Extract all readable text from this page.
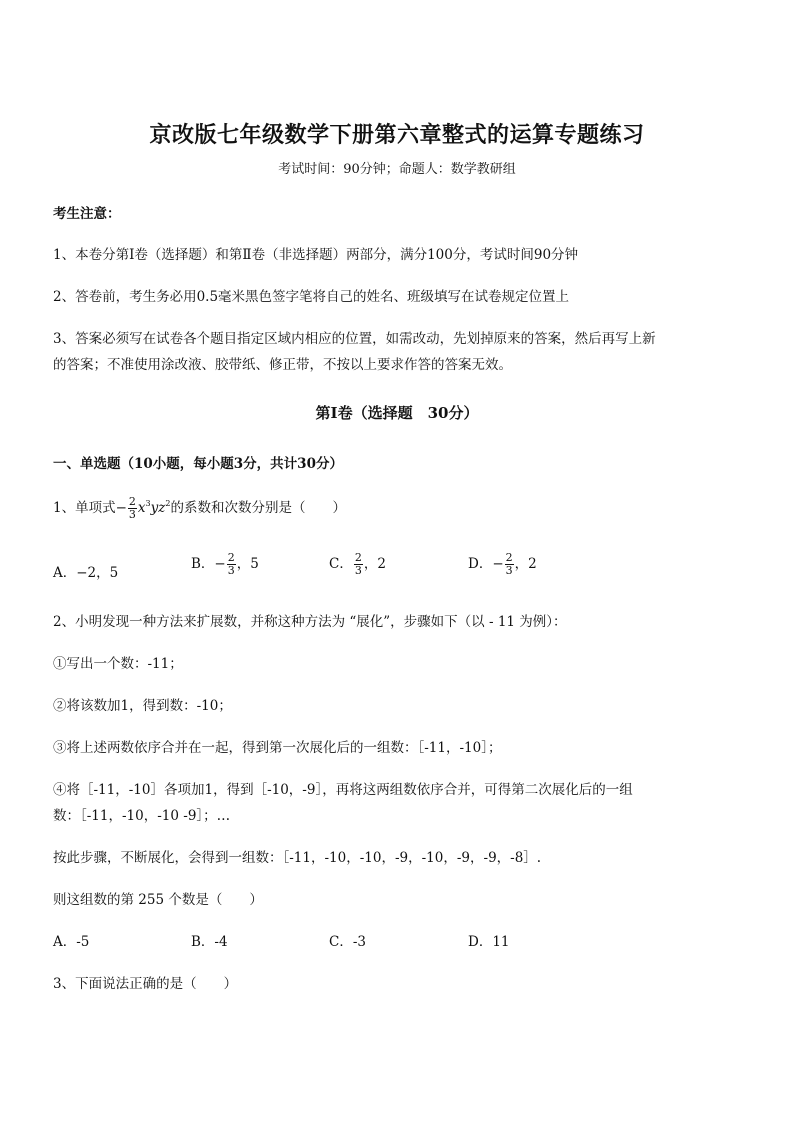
京改版七年级数学下册第六章整式的运算专题练习
考试时间：90分钟；命题人：数学教研组
考生注意：
1、本卷分第Ⅰ卷（选择题）和第Ⅱ卷（非选择题）两部分，满分100分，考试时间90分钟
2、答卷前，考生务必用0.5毫米黑色签字笔将自己的姓名、班级填写在试卷规定位置上
3、答案必须写在试卷各个题目指定区域内相应的位置，如需改动，先划掉原来的答案，然后再写上新
的答案；不准使用涂改液、胶带纸、修正带，不按以上要求作答的答案无效。
第Ⅰ卷（选择题　30分）
一、单选题（10小题，每小题3分，共计30分）
1、单项式− $\frac{2}{3} x^3yz^2$的系数和次数分别是（　　）
A．−2，5
B．− $\frac{2}{3}$ ，5	C． $\frac{2}{3}$ ，2	D．− $\frac{2}{3}$ ，2
2、小明发现一种方法来扩展数，并称这种方法为 “展化”，步骤如下（以 - 11 为例）：
①写出一个数：-11；
②将该数加1，得到数：-10；
③将上述两数依序合并在一起，得到第一次展化后的一组数：［-11，-10］；
④将［-11，-10］各项加1，得到［-10，-9］，再将这两组数依序合并，可得第二次展化后的一组
数：［-11，-10，-10 -9］；…
按此步骤，不断展化，会得到一组数：［-11，-10，-10，-9，-10，-9，-9，-8］.
则这组数的第 255 个数是（　　）
A．-5	B．-4	C．-3	D．11
3、下面说法正确的是（　　）
